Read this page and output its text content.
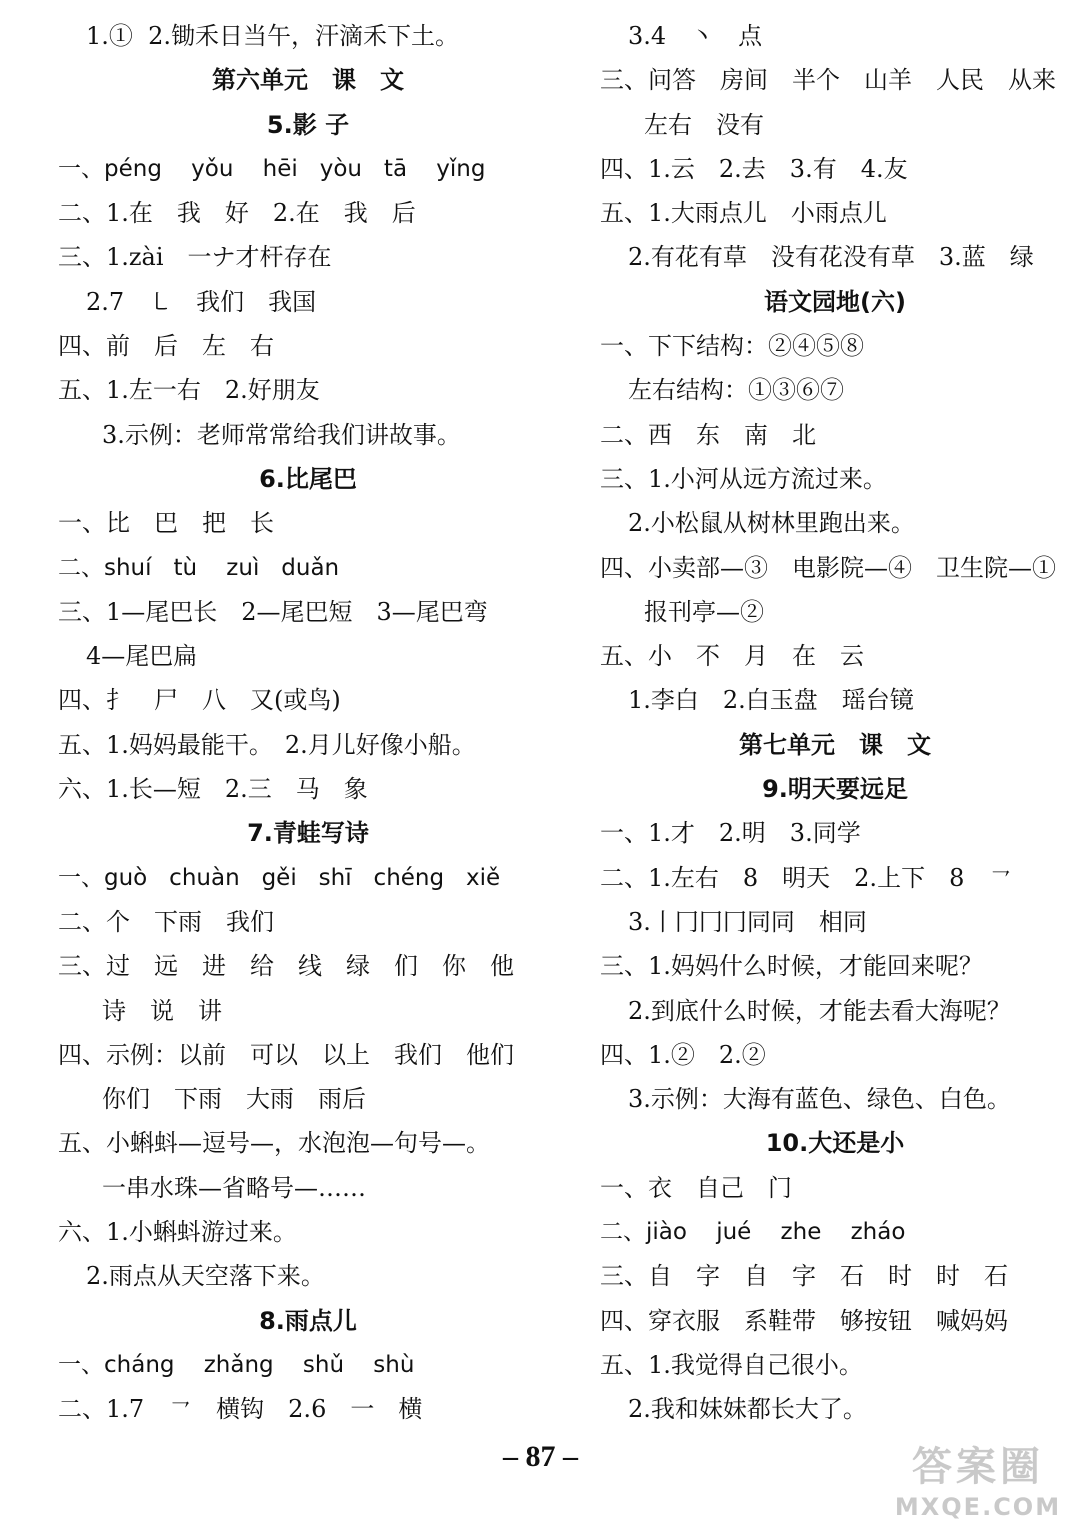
1.①  2.锄禾日当午，汗滴禾下土。
第六单元　课　文
5.影 子
一、péng    yǒu    hēi   yòu   tā    yǐng
二、1.在　我　好　2.在　我　后
三、1.zài　一ナ才杆存在
2.7　㇄　我们　我国
四、前　后　左　右
五、1.左一右　2.好朋友
3.示例：老师常常给我们讲故事。
6.比尾巴
一、比　巴　把　长
二、shuí   tù    zuì   duǎn
三、1—尾巴长　2—尾巴短　3—尾巴弯
4—尾巴扁
四、扌　尸　八　又(或鸟)
五、1.妈妈最能干。　2.月儿好像小船。
六、1.长—短　2.三　马　象
7.青蛙写诗
一、guò   chuàn   gěi   shī   chéng   xiě
二、个　下雨　我们
三、过　远　进　给　线　绿　们　你　他
诗　说　讲
四、示例：以前　可以　以上　我们　他们
你们　下雨　大雨　雨后
五、小蝌蚪—逗号—，水泡泡—句号—。
一串水珠—省略号—……
六、1.小蝌蚪游过来。
2.雨点从天空落下来。
8.雨点儿
一、cháng    zhǎng    shǔ    shù
二、1.7　㇖　横钩　2.6　一　横
3.4　丶　点
三、问答　房间　半个　山羊　人民　从来
左右　没有
四、1.云　2.去　3.有　4.友
五、1.大雨点儿　小雨点儿
2.有花有草　没有花没有草　3.蓝　绿
语文园地(六)
一、下下结构：②④⑤⑧
左右结构：①③⑥⑦
二、西　东　南　北
三、1.小河从远方流过来。
2.小松鼠从树林里跑出来。
四、小卖部—③　电影院—④　卫生院—①
报刊亭—②
五、小　不　月　在　云
1.李白　2.白玉盘　瑶台镜
第七单元　课　文
9.明天要远足
一、1.才　2.明　3.同学
二、1.左右　8　明天　2.上下　8　㇖
3.丨冂冂冂同同　相同
三、1.妈妈什么时候，才能回来呢？
2.到底什么时候，才能去看大海呢？
四、1.②　2.②
3.示例：大海有蓝色、绿色、白色。
10.大还是小
一、衣　自己　门
二、jiào    jué    zhe    zháo
三、自　字　自　字　石　时　时　石
四、穿衣服　系鞋带　够按钮　喊妈妈
五、1.我觉得自己很小。
2.我和妹妹都长大了。
– 87 –	答案圈
MXQE.COM
